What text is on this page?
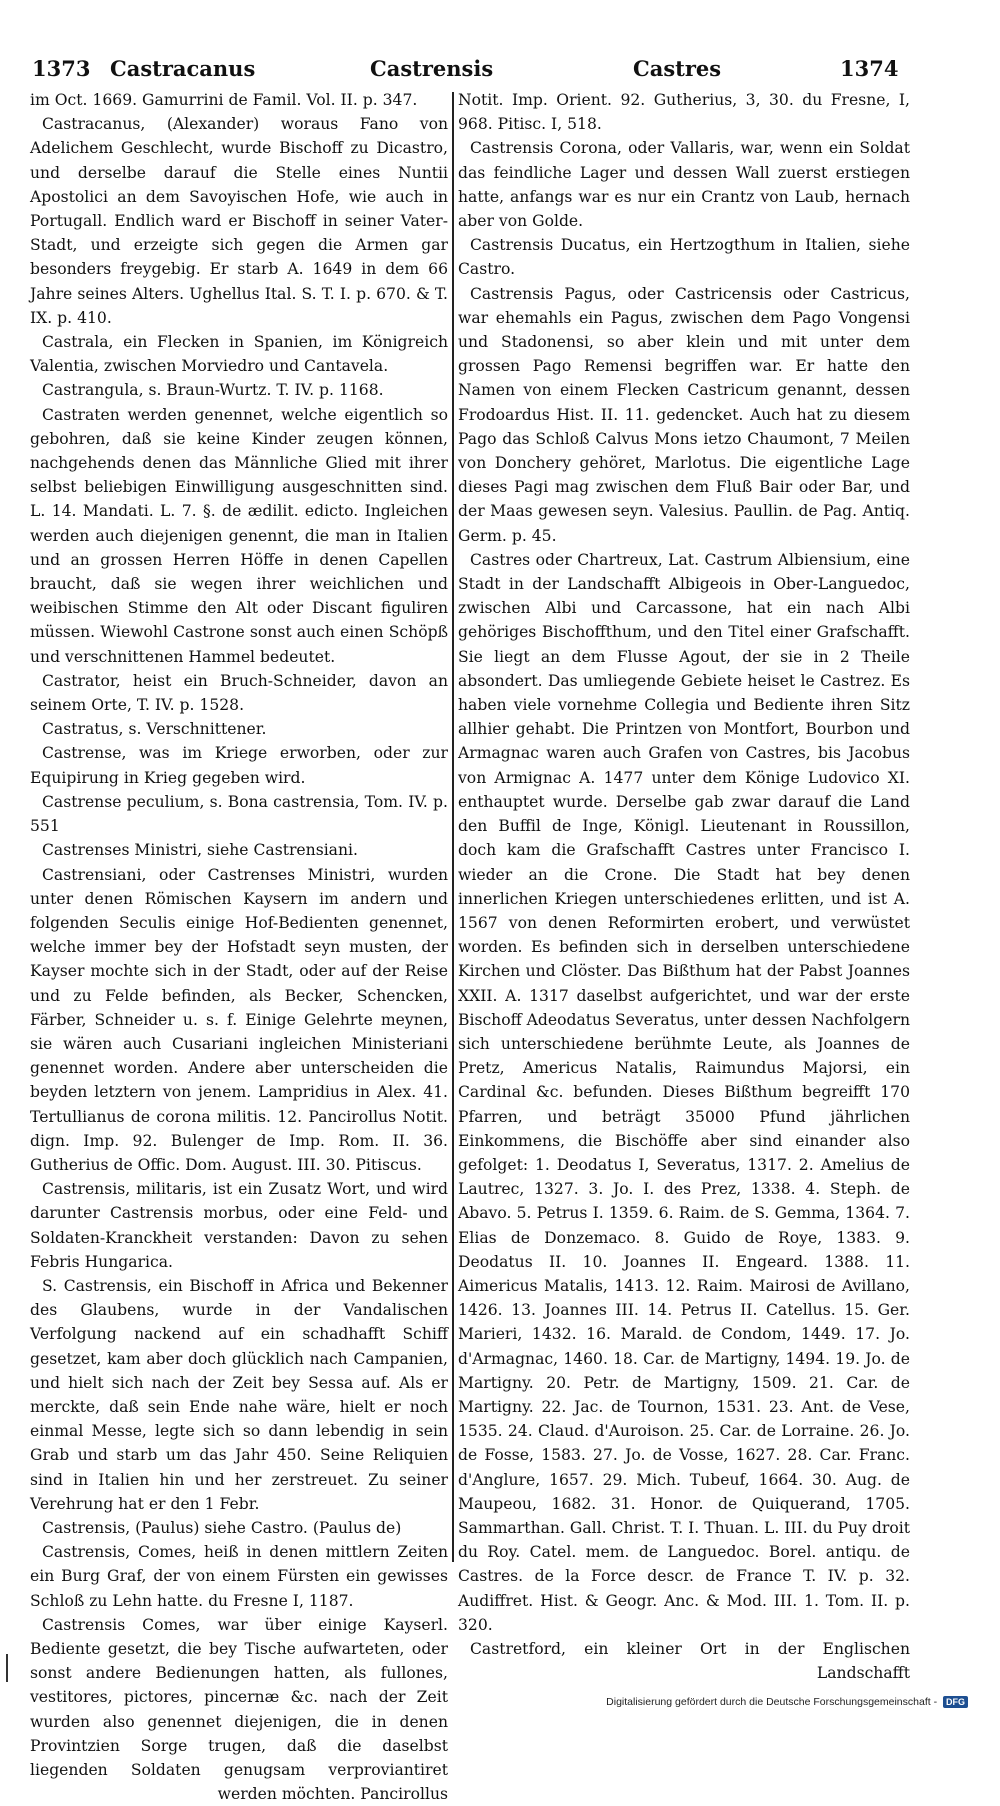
1373 Castracanus	Castrensis	Castres	1374

im Oct. 1669. Gamurrini de Famil. Vol. II. p. 347.

Castracanus, (Alexander) woraus Fano von Adelichem Geschlecht, wurde Bischoff zu Dicastro, und derselbe darauf die Stelle eines Nuntii Apostolici an dem Savoyischen Hofe, wie auch in Portugall. Endlich ward er Bischoff in seiner Vater-Stadt, und erzeigte sich gegen die Armen gar besonders freygebig. Er starb A. 1649 in dem 66 Jahre seines Alters. Ughellus Ital. S. T. I. p. 670. & T. IX. p. 410.

Castrala, ein Flecken in Spanien, im Königreich Valentia, zwischen Morviedro und Cantavela.

Castrangula, s. Braun-Wurtz. T. IV. p. 1168.

Castraten werden genennet, welche eigentlich so gebohren, daß sie keine Kinder zeugen können, nachgehends denen das Männliche Glied mit ihrer selbst beliebigen Einwilligung ausgeschnitten sind. L. 14. Mandati. L. 7. §. de ædilit. edicto. Ingleichen werden auch diejenigen genennt, die man in Italien und an grossen Herren Höffe in denen Capellen braucht, daß sie wegen ihrer weichlichen und weibischen Stimme den Alt oder Discant figuliren müssen. Wiewohl Castrone sonst auch einen Schöpß und verschnittenen Hammel bedeutet.

Castrator, heist ein Bruch-Schneider, davon an seinem Orte, T. IV. p. 1528.

Castratus, s. Verschnittener.

Castrense, was im Kriege erworben, oder zur Equipirung in Krieg gegeben wird.

Castrense peculium, s. Bona castrensia, Tom. IV. p. 551

Castrenses Ministri, siehe Castrensiani.

Castrensiani, oder Castrenses Ministri, wurden unter denen Römischen Kaysern im andern und folgenden Seculis einige Hof-Bedienten genennet, welche immer bey der Hofstadt seyn musten, der Kayser mochte sich in der Stadt, oder auf der Reise und zu Felde befinden, als Becker, Schencken, Färber, Schneider u. s. f. Einige Gelehrte meynen, sie wären auch Cusariani ingleichen Ministeriani genennet worden. Andere aber unterscheiden die beyden letztern von jenem. Lampridius in Alex. 41. Tertullianus de corona militis. 12. Pancirollus Notit. dign. Imp. 92. Bulenger de Imp. Rom. II. 36. Gutherius de Offic. Dom. August. III. 30. Pitiscus.

Castrensis, militaris, ist ein Zusatz Wort, und wird darunter Castrensis morbus, oder eine Feld- und Soldaten-Kranckheit verstanden: Davon zu sehen Febris Hungarica.

S. Castrensis, ein Bischoff in Africa und Bekenner des Glaubens, wurde in der Vandalischen Verfolgung nackend auf ein schadhafft Schiff gesetzet, kam aber doch glücklich nach Campanien, und hielt sich nach der Zeit bey Sessa auf. Als er merckte, daß sein Ende nahe wäre, hielt er noch einmal Messe, legte sich so dann lebendig in sein Grab und starb um das Jahr 450. Seine Reliquien sind in Italien hin und her zerstreuet. Zu seiner Verehrung hat er den 1 Febr.

Castrensis, (Paulus) siehe Castro. (Paulus de)

Castrensis, Comes, heiß in denen mittlern Zeiten ein Burg Graf, der von einem Fürsten ein gewisses Schloß zu Lehn hatte. du Fresne I, 1187.

Castrensis Comes, war über einige Kayserl. Bediente gesetzt, die bey Tische aufwarteten, oder sonst andere Bedienungen hatten, als fullones, vestitores, pictores, pincernæ &c. nach der Zeit wurden also genennet diejenigen, die in denen Provintzien Sorge trugen, daß die daselbst liegenden Soldaten genugsam verproviantiret werden möchten. Pancirollus

Notit. Imp. Orient. 92. Gutherius, 3, 30. du Fresne, I, 968. Pitisc. I, 518.

Castrensis Corona, oder Vallaris, war, wenn ein Soldat das feindliche Lager und dessen Wall zuerst erstiegen hatte, anfangs war es nur ein Crantz von Laub, hernach aber von Golde.

Castrensis Ducatus, ein Hertzogthum in Italien, siehe Castro.

Castrensis Pagus, oder Castricensis oder Castricus, war ehemahls ein Pagus, zwischen dem Pago Vongensi und Stadonensi, so aber klein und mit unter dem grossen Pago Remensi begriffen war. Er hatte den Namen von einem Flecken Castricum genannt, dessen Frodoardus Hist. II. 11. gedencket. Auch hat zu diesem Pago das Schloß Calvus Mons ietzo Chaumont, 7 Meilen von Donchery gehöret, Marlotus. Die eigentliche Lage dieses Pagi mag zwischen dem Fluß Bair oder Bar, und der Maas gewesen seyn. Valesius. Paullin. de Pag. Antiq. Germ. p. 45.

Castres oder Chartreux, Lat. Castrum Albiensium, eine Stadt in der Landschafft Albigeois in Ober-Languedoc, zwischen Albi und Carcassone, hat ein nach Albi gehöriges Bischoffthum, und den Titel einer Grafschafft. Sie liegt an dem Flusse Agout, der sie in 2 Theile absondert. Das umliegende Gebiete heiset le Castrez. Es haben viele vornehme Collegia und Bediente ihren Sitz allhier gehabt. Die Printzen von Montfort, Bourbon und Armagnac waren auch Grafen von Castres, bis Jacobus von Armignac A. 1477 unter dem Könige Ludovico XI. enthauptet wurde. Derselbe gab zwar darauf die Land den Buffil de Inge, Königl. Lieutenant in Roussillon, doch kam die Grafschafft Castres unter Francisco I. wieder an die Crone. Die Stadt hat bey denen innerlichen Kriegen unterschiedenes erlitten, und ist A. 1567 von denen Reformirten erobert, und verwüstet worden. Es befinden sich in derselben unterschiedene Kirchen und Clöster. Das Bißthum hat der Pabst Joannes XXII. A. 1317 daselbst aufgerichtet, und war der erste Bischoff Adeodatus Severatus, unter dessen Nachfolgern sich unterschiedene berühmte Leute, als Joannes de Pretz, Americus Natalis, Raimundus Majorsi, ein Cardinal &c. befunden. Dieses Bißthum begreifft 170 Pfarren, und beträgt 35000 Pfund jährlichen Einkommens, die Bischöffe aber sind einander also gefolget: 1. Deodatus I, Severatus, 1317. 2. Amelius de Lautrec, 1327. 3. Jo. I. des Prez, 1338. 4. Steph. de Abavo. 5. Petrus I. 1359. 6. Raim. de S. Gemma, 1364. 7. Elias de Donzemaco. 8. Guido de Roye, 1383. 9. Deodatus II. 10. Joannes II. Engeard. 1388. 11. Aimericus Matalis, 1413. 12. Raim. Mairosi de Avillano, 1426. 13. Joannes III. 14. Petrus II. Catellus. 15. Ger. Marieri, 1432. 16. Marald. de Condom, 1449. 17. Jo. d'Armagnac, 1460. 18. Car. de Martigny, 1494. 19. Jo. de Martigny. 20. Petr. de Martigny, 1509. 21. Car. de Martigny. 22. Jac. de Tournon, 1531. 23. Ant. de Vese, 1535. 24. Claud. d'Auroison. 25. Car. de Lorraine. 26. Jo. de Fosse, 1583. 27. Jo. de Vosse, 1627. 28. Car. Franc. d'Anglure, 1657. 29. Mich. Tubeuf, 1664. 30. Aug. de Maupeou, 1682. 31. Honor. de Quiquerand, 1705. Sammarthan. Gall. Christ. T. I. Thuan. L. III. du Puy droit du Roy. Catel. mem. de Languedoc. Borel. antiqu. de Castres. de la Force descr. de France T. IV. p. 32. Audiffret. Hist. & Geogr. Anc. & Mod. III. 1. Tom. II. p. 320.

Castretford, ein kleiner Ort in der Englischen Landschafft

Digitalisierung gefördert durch die Deutsche Forschungsgemeinschaft - DFG
